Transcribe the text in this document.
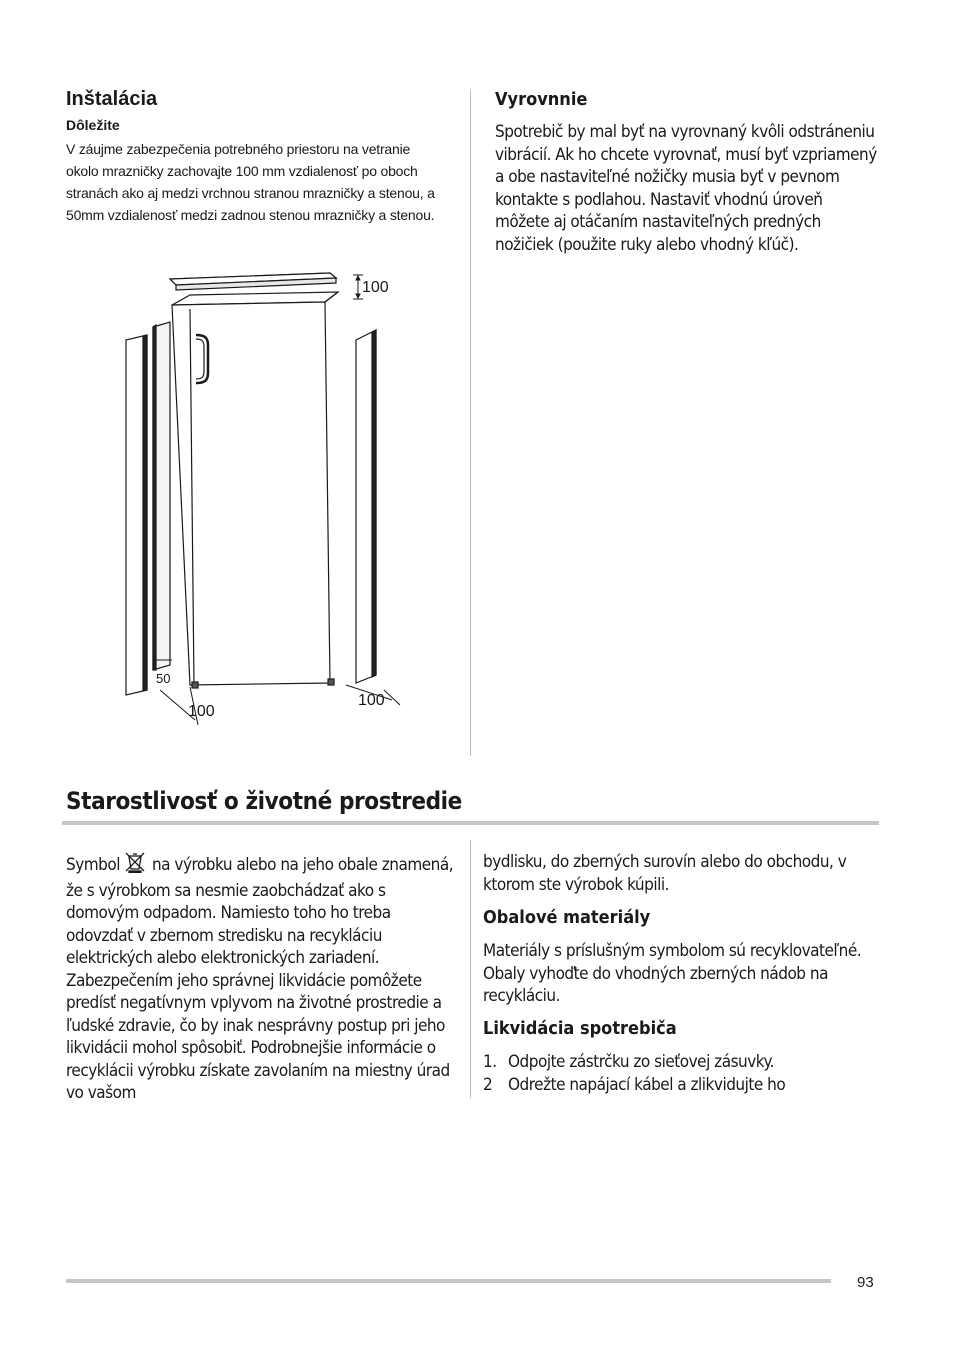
Inštalácia
Dôležite
V záujme zabezpečenia potrebného priestoru na vetranie okolo mrazničky zachovajte 100 mm vzdialenosť po oboch stranách ako aj medzi vrchnou stranou mrazničky a stenou, a 50mm vzdialenosť medzi zadnou stenou mrazničky a stenou.
100
50
100
100
Vyrovnnie
Spotrebič by mal byť na vyrovnaný kvôli odstráneniu vibrácií. Ak ho chcete vyrovnať, musí byť vzpriamený a obe nastaviteľné nožičky musia byť v pevnom kontakte s podlahou. Nastaviť vhodnú úroveň môžete aj otáčaním nastaviteľných predných nožičiek (použite ruky alebo vhodný kľúč).
Starostlivosť o životné prostredie
Symbol na výrobku alebo na jeho obale znamená, že s výrobkom sa nesmie zaobchádzať ako s domovým odpadom. Namiesto toho ho treba odovzdať v zbernom stredisku na recykláciu elektrických alebo elektronických zariadení. Zabezpečením jeho správnej likvidácie pomôžete predísť negatívnym vplyvom na životné prostredie a ľudské zdravie, čo by inak nesprávny postup pri jeho likvidácii mohol spôsobiť. Podrobnejšie informácie o recyklácii výrobku získate zavolaním na miestny úrad vo vašom
bydlisku, do zberných surovín alebo do obchodu, v ktorom ste výrobok kúpili.
Obalové materiály
Materiály s príslušným symbolom sú recyklovateľné. Obaly vyhoďte do vhodných zberných nádob na recykláciu.
Likvidácia spotrebiča
1. Odpojte zástrčku zo sieťovej zásuvky.
2 Odrežte napájací kábel a zlikvidujte ho
93
